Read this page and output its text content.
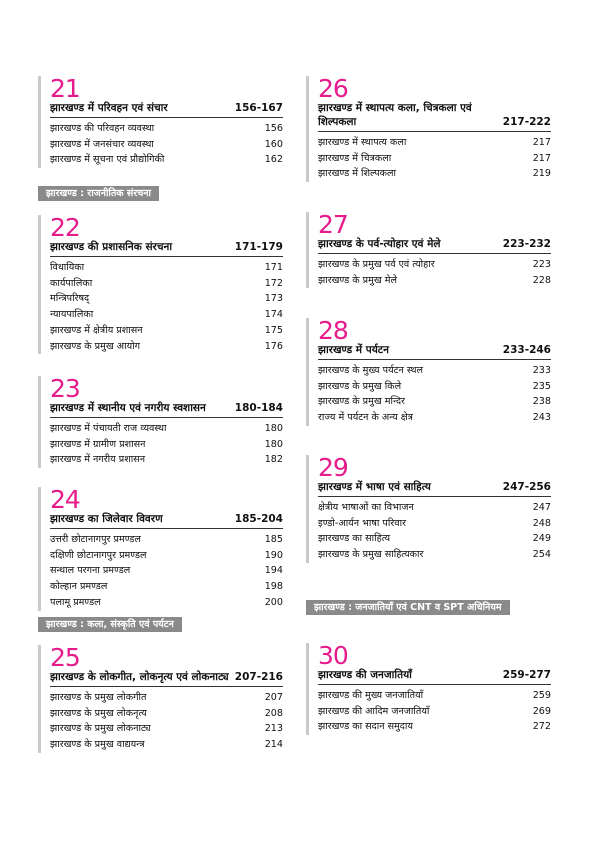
21
झारखण्ड में परिवहन एवं संचार	156-167
झारखण्ड की परिवहन व्यवस्था	156
झारखण्ड में जनसंचार व्यवस्था	160
झारखण्ड में सूचना एवं प्रौद्योगिकी	162
22
झारखण्ड की प्रशासनिक संरचना	171-179
विधायिका	171
कार्यपालिका	172
मन्त्रिपरिषद्	173
न्यायपालिका	174
झारखण्ड में क्षेत्रीय प्रशासन	175
झारखण्ड के प्रमुख आयोग	176
23
झारखण्ड में स्थानीय एवं नगरीय स्वशासन	180-184
झारखण्ड में पंचायती राज व्यवस्था	180
झारखण्ड में ग्रामीण प्रशासन	180
झारखण्ड में नगरीय प्रशासन	182
24
झारखण्ड का जिलेवार विवरण	185-204
उत्तरी छोटानागपुर प्रमण्डल	185
दक्षिणी छोटानागपुर प्रमण्डल	190
सन्थाल परगना प्रमण्डल	194
कोल्हान प्रमण्डल	198
पलामू प्रमण्डल	200
25
झारखण्ड के लोकगीत, लोकनृत्य एवं लोकनाट्य 207-216
झारखण्ड के प्रमुख लोकगीत	207
झारखण्ड के प्रमुख लोकनृत्य	208
झारखण्ड के प्रमुख लोकनाट्य	213
झारखण्ड के प्रमुख वाद्ययन्त्र	214
26
झारखण्ड में स्थापत्य कला, चित्रकला एवं शिल्पकला	217-222
झारखण्ड में स्थापत्य कला	217
झारखण्ड में चित्रकला	217
झारखण्ड में शिल्पकला	219
27
झारखण्ड के पर्व-त्योहार एवं मेले	223-232
झारखण्ड के प्रमुख पर्व एवं त्योहार	223
झारखण्ड के प्रमुख मेले	228
28
झारखण्ड में पर्यटन	233-246
झारखण्ड के मुख्य पर्यटन स्थल	233
झारखण्ड के प्रमुख किले	235
झारखण्ड के प्रमुख मन्दिर	238
राज्य में पर्यटन के अन्य क्षेत्र	243
29
झारखण्ड में भाषा एवं साहित्य	247-256
क्षेत्रीय भाषाओं का विभाजन	247
इण्डो-आर्यन भाषा परिवार	248
झारखण्ड का साहित्य	249
झारखण्ड के प्रमुख साहित्यकार	254
30
झारखण्ड की जनजातियाँ	259-277
झारखण्ड की मुख्य जनजातियाँ	259
झारखण्ड की आदिम जनजातियाँ	269
झारखण्ड का सदान समुदाय	272
झारखण्ड : राजनीतिक संरचना
झारखण्ड : कला, संस्कृति एवं पर्यटन
झारखण्ड : जनजातियाँ एवं CNT व SPT अधिनियम
